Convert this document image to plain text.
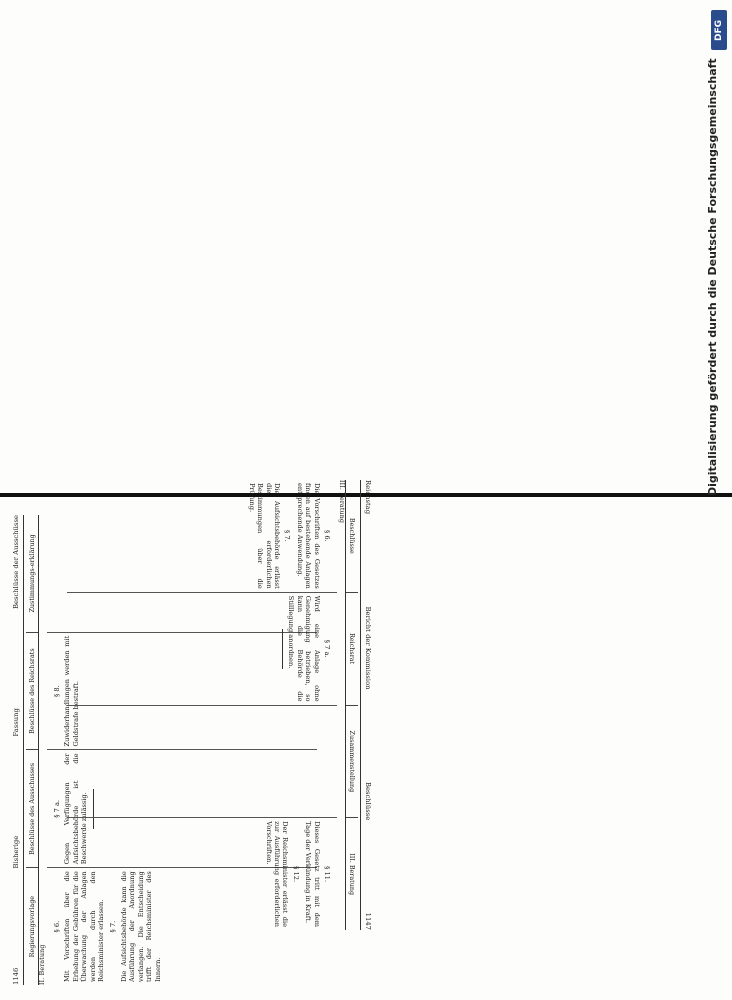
1146
Bisherige
Fassung
Beschlüsse der Ausschüsse
Regierungsvorlage
Beschlüsse des Ausschusses
Beschlüsse des Reichsrats
Zustimmungs-erklärung
II. Beratung
§ 6. Mit Vorschriften über die Erhebung der Gebühren für die Überwachung der Anlagen werden durch den Reichsminister erlassen. § 7. Die Aufsichtsbehörde kann die Ausführung der Anordnung verlangen. Die Entscheidung trifft der Reichsminister des Innern.

§ 7 a. Gegen Verfügungen der Aufsichtsbehörde ist die Beschwerde zulässig.

§ 8. Zuwiderhandlungen werden mit Geldstrafe bestraft.

Reichstag
Bericht der Kommission
Beschlüsse
1147
Beschlüsse
Reichsrat
Zusammenstellung
III. Beratung
III. Beratung
§ 6.

Die Vorschriften des Gesetzes finden auf bestehende Anlagen entsprechende Anwendung.

§ 7.

Die Aufsichtsbehörde erlässt die erforderlichen Bestimmungen über die Prüfung.

§ 7 a.

Wird eine Anlage ohne Genehmigung betrieben, so kann die Behörde die Stilllegung anordnen.

§ 11.

Dieses Gesetz tritt mit dem Tage der Verkündung in Kraft.

§ 12.

Der Reichsminister erlässt die zur Ausführung erforderlichen Vorschriften.

DFG
Digitalisierung gefördert durch die Deutsche Forschungsgemeinschaft
